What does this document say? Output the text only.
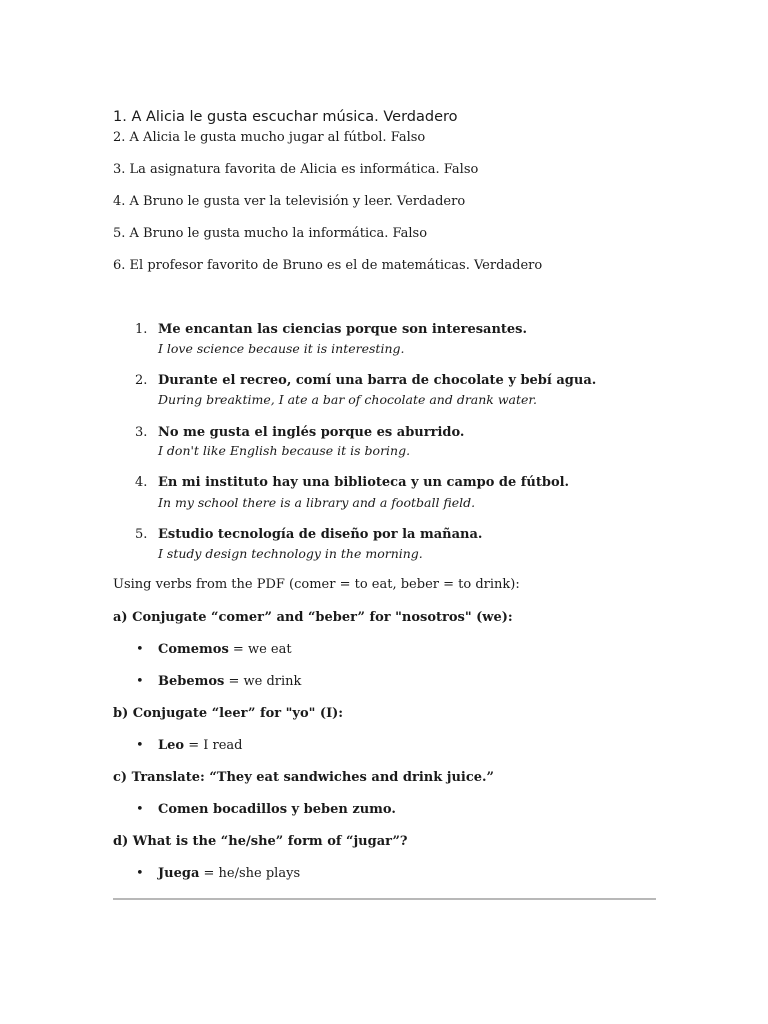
1. A Alicia le gusta escuchar música. Verdadero
2. A Alicia le gusta mucho jugar al fútbol. Falso
3. La asignatura favorita de Alicia es informática. Falso
4. A Bruno le gusta ver la televisión y leer. Verdadero
5. A Bruno le gusta mucho la informática. Falso
6. El profesor favorito de Bruno es el de matemáticas. Verdadero
1. Me encantan las ciencias porque son interesantes.
I love science because it is interesting.
2. Durante el recreo, comí una barra de chocolate y bebí agua.
During breaktime, I ate a bar of chocolate and drank water.
3. No me gusta el inglés porque es aburrido.
I don't like English because it is boring.
4. En mi instituto hay una biblioteca y un campo de fútbol.
In my school there is a library and a football field.
5. Estudio tecnología de diseño por la mañana.
I study design technology in the morning.
Using verbs from the PDF (comer = to eat, beber = to drink):
a) Conjugate “comer” and “beber” for "nosotros" (we):
• Comemos = we eat
• Bebemos = we drink
b) Conjugate “leer” for "yo" (I):
• Leo = I read
c) Translate: “They eat sandwiches and drink juice.”
• Comen bocadillos y beben zumo.
d) What is the “he/she” form of “jugar”?
• Juega = he/she plays
